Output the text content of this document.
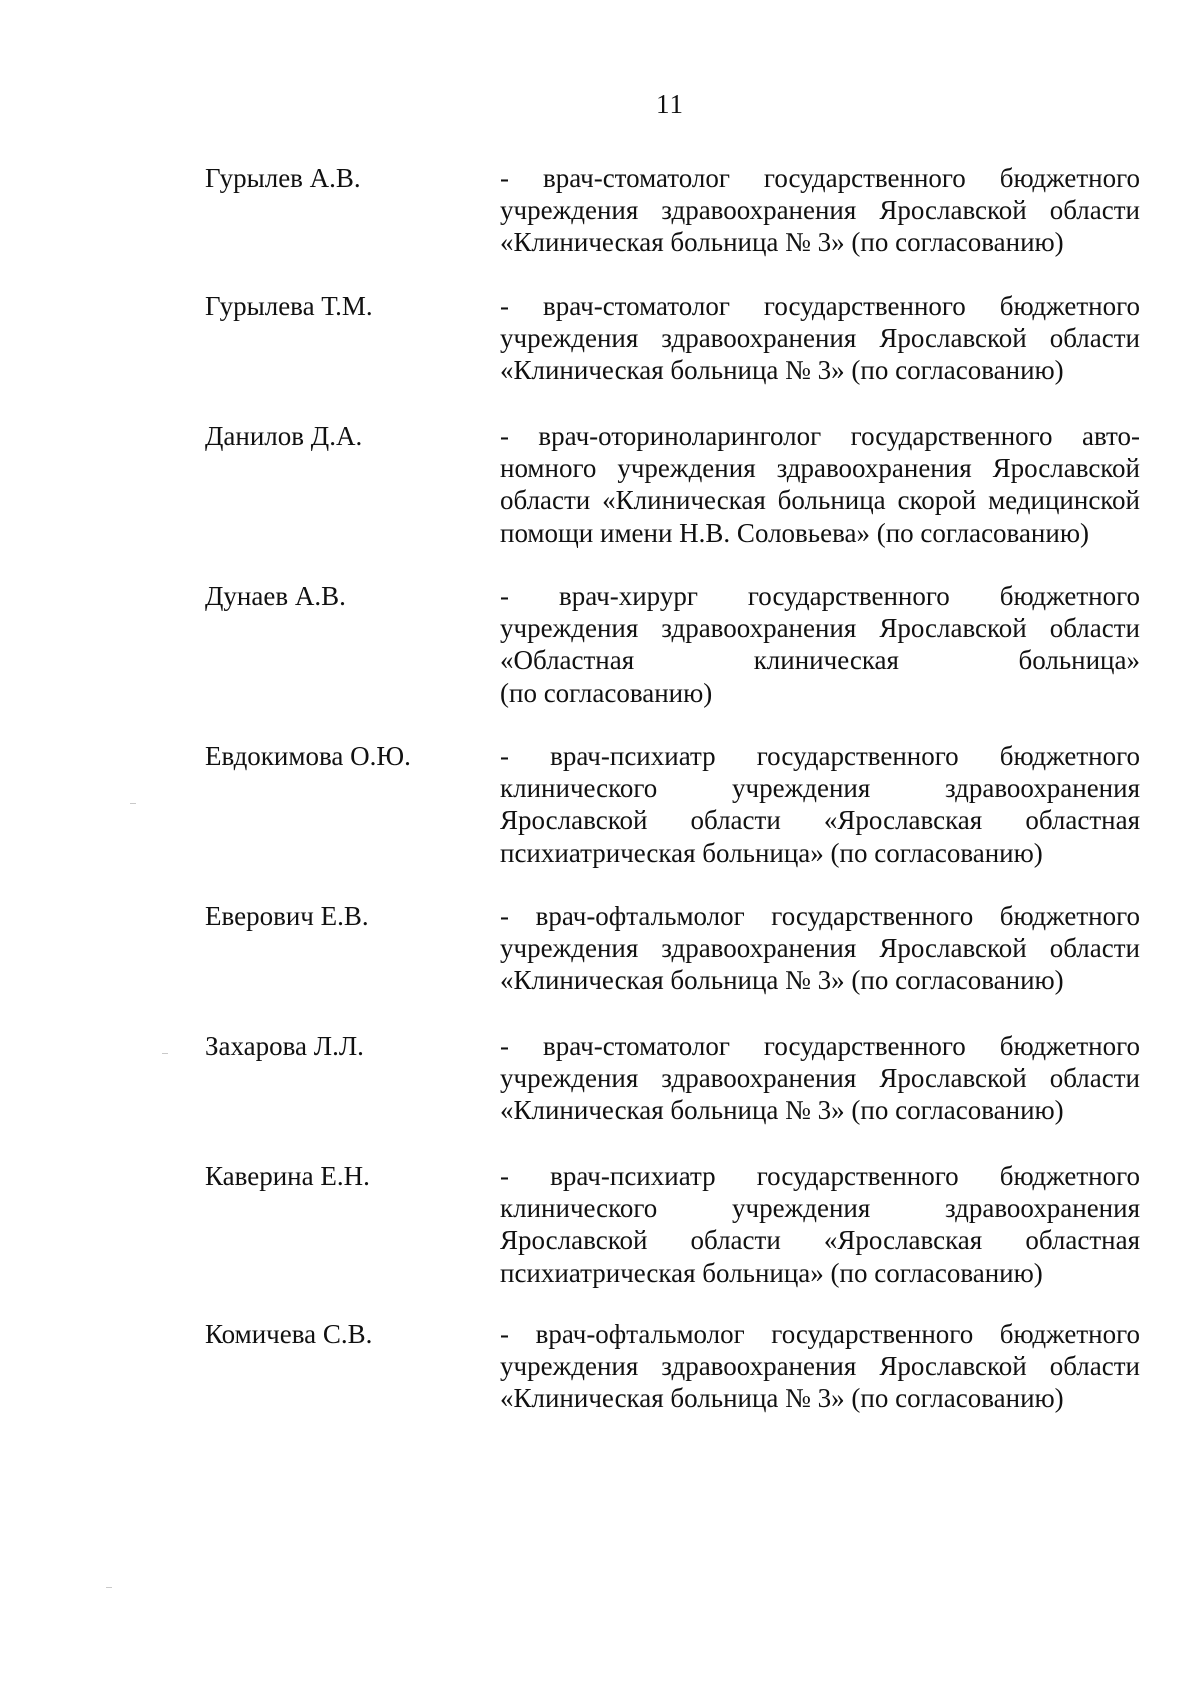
11
Гурылев А.В.	- врач-стоматолог государственного бюджетного
учреждения здравоохранения Ярославской области
«Клиническая больница № 3» (по согласованию)
Гурылева Т.М.	- врач-стоматолог государственного бюджетного
учреждения здравоохранения Ярославской области
«Клиническая больница № 3» (по согласованию)
Данилов Д.А.	- врач-оториноларинголог государственного авто-
номного учреждения здравоохранения Ярославской
области «Клиническая больница скорой медицинской
помощи имени Н.В. Соловьева» (по согласованию)
Дунаев А.В.	- врач-хирург государственного бюджетного
учреждения здравоохранения Ярославской области
«Областная клиническая больница»
(по согласованию)
Евдокимова О.Ю.	- врач-психиатр государственного бюджетного
клинического учреждения здравоохранения
Ярославской области «Ярославская областная
психиатрическая больница» (по согласованию)
Еверович Е.В.	- врач-офтальмолог государственного бюджетного
учреждения здравоохранения Ярославской области
«Клиническая больница № 3» (по согласованию)
Захарова Л.Л.	- врач-стоматолог государственного бюджетного
учреждения здравоохранения Ярославской области
«Клиническая больница № 3» (по согласованию)
Каверина Е.Н.	- врач-психиатр государственного бюджетного
клинического учреждения здравоохранения
Ярославской области «Ярославская областная
психиатрическая больница» (по согласованию)
Комичева С.В.	- врач-офтальмолог государственного бюджетного
учреждения здравоохранения Ярославской области
«Клиническая больница № 3» (по согласованию)
